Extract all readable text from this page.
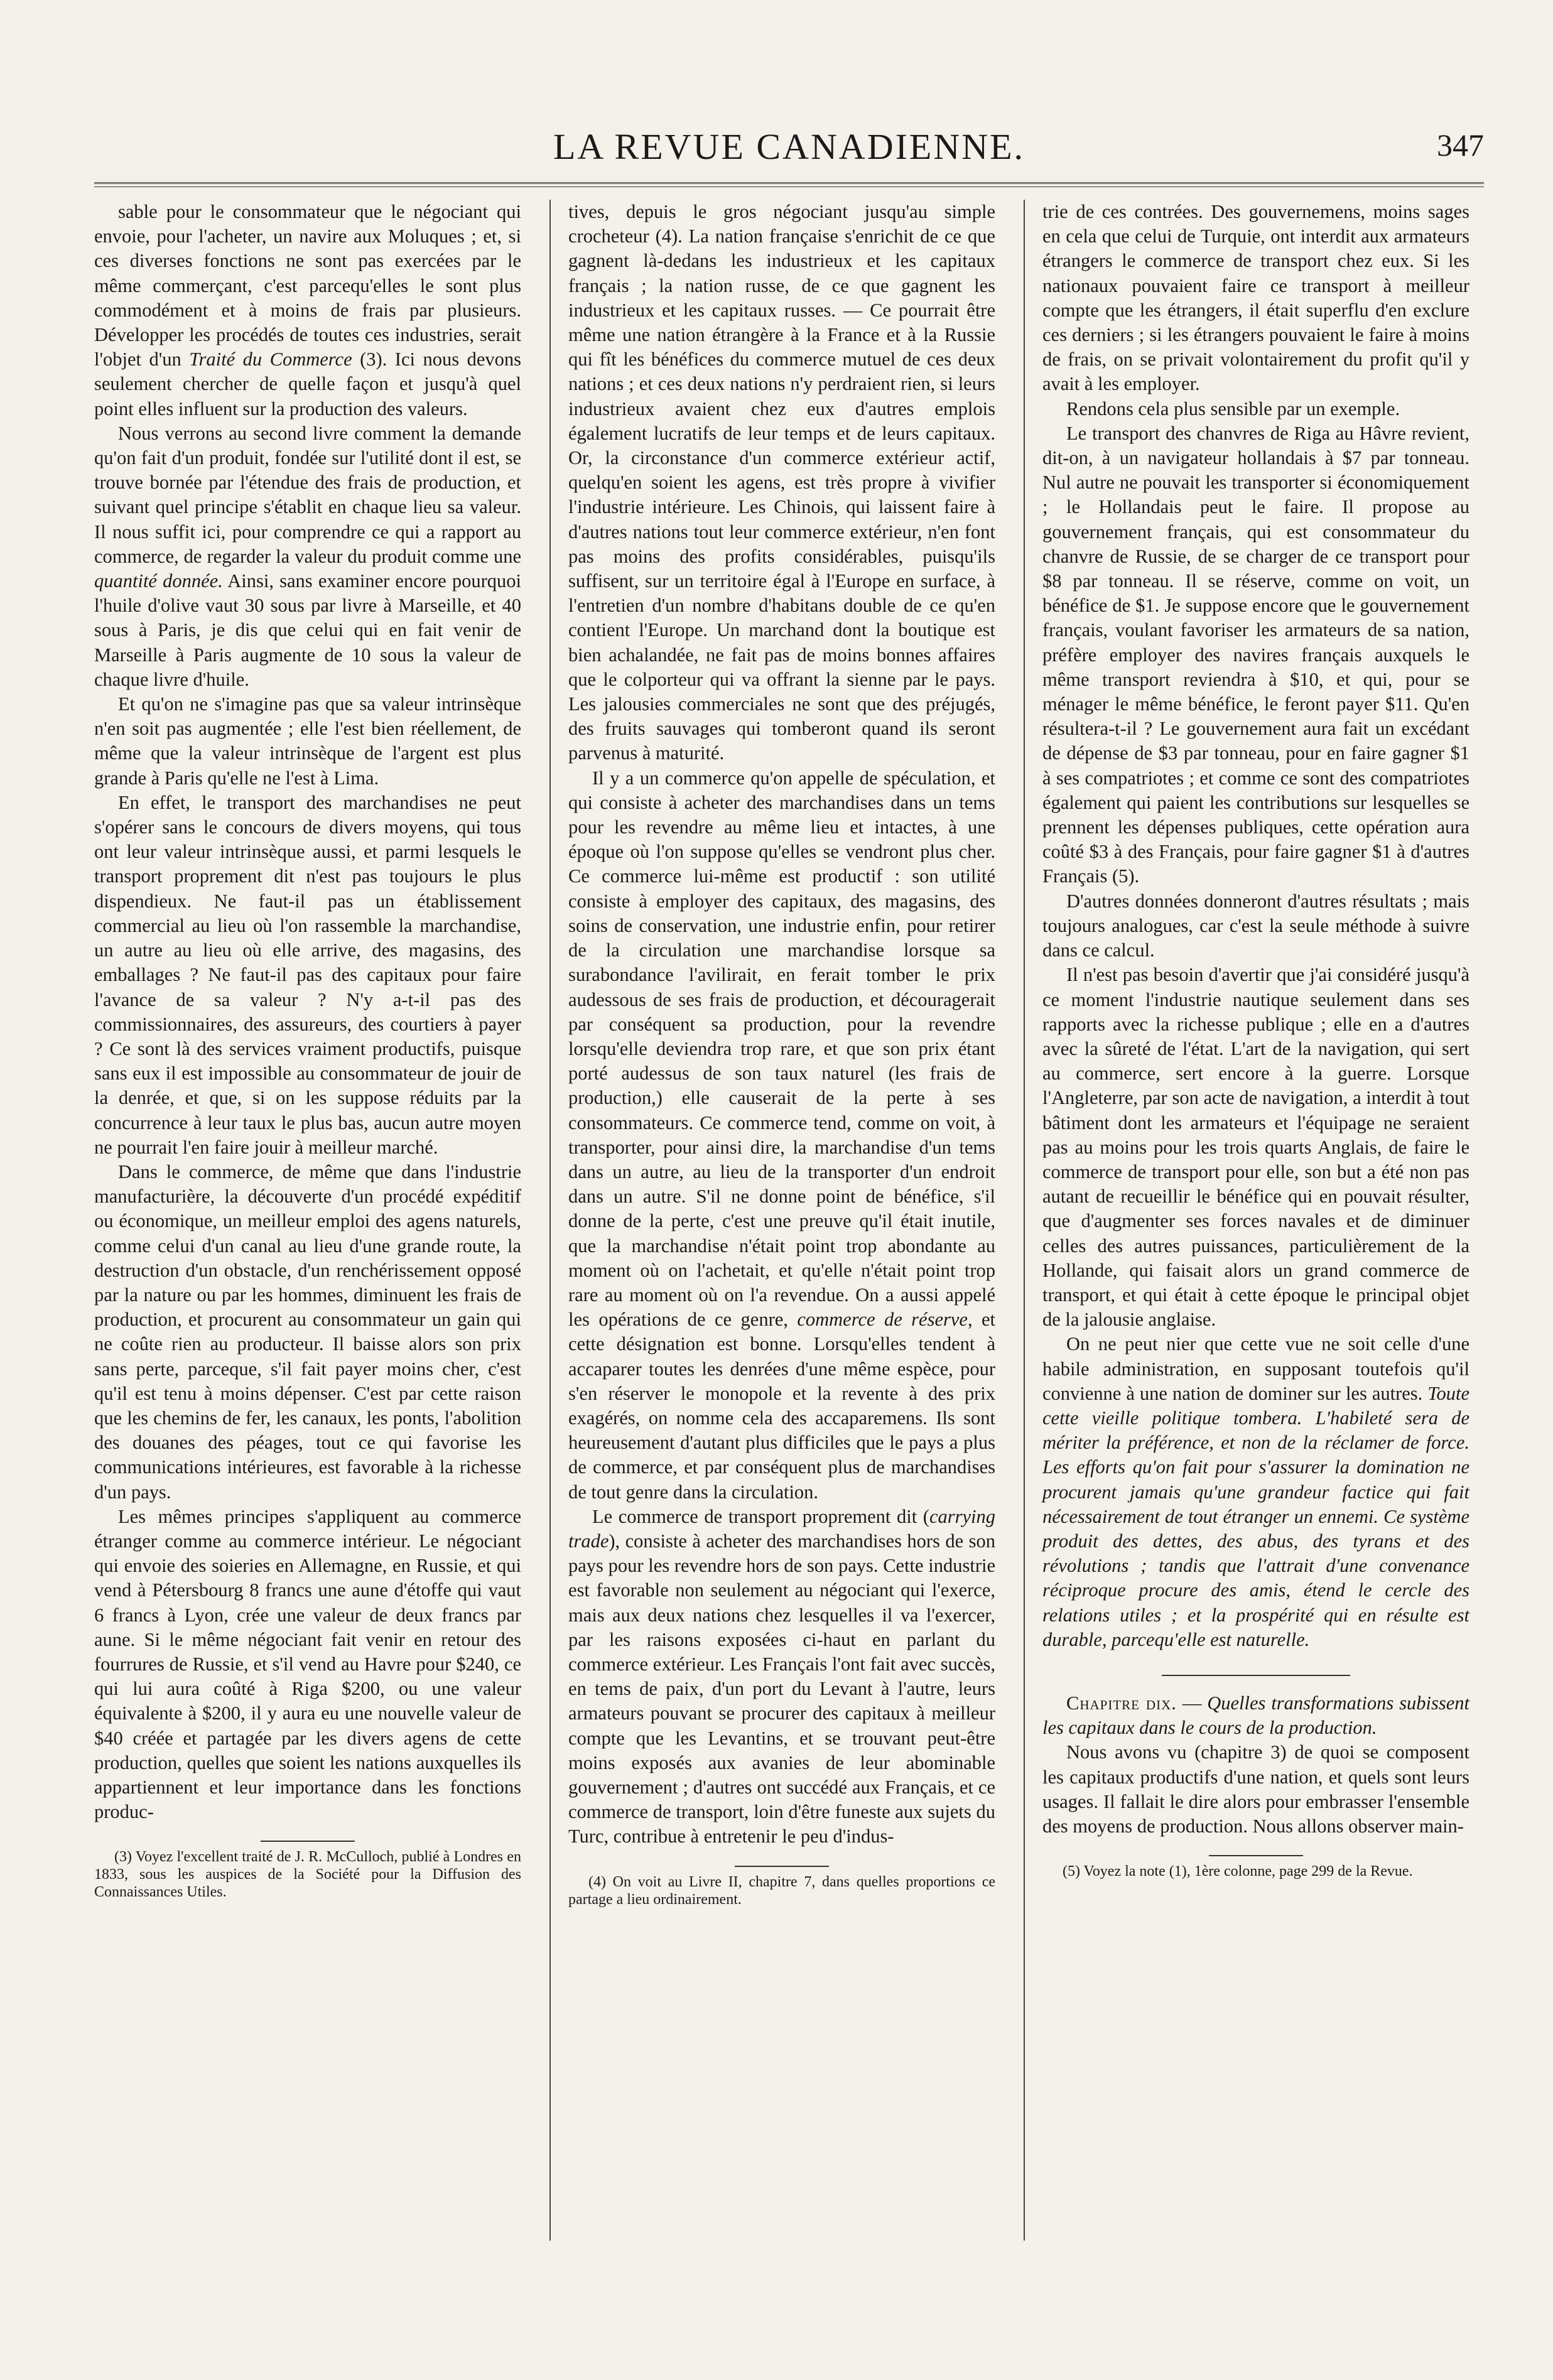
LA REVUE CANADIENNE.	347

sable pour le consommateur que le négociant qui envoie, pour l'acheter, un navire aux Moluques ; et, si ces diverses fonctions ne sont pas exercées par le même commerçant, c'est parcequ'elles le sont plus commodément et à moins de frais par plusieurs. Développer les procédés de toutes ces industries, serait l'objet d'un Traité du Commerce (3). Ici nous devons seulement chercher de quelle façon et jusqu'à quel point elles influent sur la production des valeurs.

Nous verrons au second livre comment la demande qu'on fait d'un produit, fondée sur l'utilité dont il est, se trouve bornée par l'étendue des frais de production, et suivant quel principe s'établit en chaque lieu sa valeur. Il nous suffit ici, pour comprendre ce qui a rapport au commerce, de regarder la valeur du produit comme une quantité donnée. Ainsi, sans examiner encore pourquoi l'huile d'olive vaut 30 sous par livre à Marseille, et 40 sous à Paris, je dis que celui qui en fait venir de Marseille à Paris augmente de 10 sous la valeur de chaque livre d'huile.

Et qu'on ne s'imagine pas que sa valeur intrinsèque n'en soit pas augmentée ; elle l'est bien réellement, de même que la valeur intrinsèque de l'argent est plus grande à Paris qu'elle ne l'est à Lima.

En effet, le transport des marchandises ne peut s'opérer sans le concours de divers moyens, qui tous ont leur valeur intrinsèque aussi, et parmi lesquels le transport proprement dit n'est pas toujours le plus dispendieux. Ne faut-il pas un établissement commercial au lieu où l'on rassemble la marchandise, un autre au lieu où elle arrive, des magasins, des emballages ? Ne faut-il pas des capitaux pour faire l'avance de sa valeur ? N'y a-t-il pas des commissionnaires, des assureurs, des courtiers à payer ? Ce sont là des services vraiment productifs, puisque sans eux il est impossible au consommateur de jouir de la denrée, et que, si on les suppose réduits par la concurrence à leur taux le plus bas, aucun autre moyen ne pourrait l'en faire jouir à meilleur marché.

Dans le commerce, de même que dans l'industrie manufacturière, la découverte d'un procédé expéditif ou économique, un meilleur emploi des agens naturels, comme celui d'un canal au lieu d'une grande route, la destruction d'un obstacle, d'un renchérissement opposé par la nature ou par les hommes, diminuent les frais de production, et procurent au consommateur un gain qui ne coûte rien au producteur. Il baisse alors son prix sans perte, parceque, s'il fait payer moins cher, c'est qu'il est tenu à moins dépenser. C'est par cette raison que les chemins de fer, les canaux, les ponts, l'abolition des douanes des péages, tout ce qui favorise les communications intérieures, est favorable à la richesse d'un pays.

Les mêmes principes s'appliquent au commerce étranger comme au commerce intérieur. Le négociant qui envoie des soieries en Allemagne, en Russie, et qui vend à Pétersbourg 8 francs une aune d'étoffe qui vaut 6 francs à Lyon, crée une valeur de deux francs par aune. Si le même négociant fait venir en retour des fourrures de Russie, et s'il vend au Havre pour $240, ce qui lui aura coûté à Riga $200, ou une valeur équivalente à $200, il y aura eu une nouvelle valeur de $40 créée et partagée par les divers agens de cette production, quelles que soient les nations auxquelles ils appartiennent et leur importance dans les fonctions produc-

(3) Voyez l'excellent traité de J. R. McCulloch, publié à Londres en 1833, sous les auspices de la Société pour la Diffusion des Connaissances Utiles.

tives, depuis le gros négociant jusqu'au simple crocheteur (4). La nation française s'enrichit de ce que gagnent là-dedans les industrieux et les capitaux français ; la nation russe, de ce que gagnent les industrieux et les capitaux russes. — Ce pourrait être même une nation étrangère à la France et à la Russie qui fît les bénéfices du commerce mutuel de ces deux nations ; et ces deux nations n'y perdraient rien, si leurs industrieux avaient chez eux d'autres emplois également lucratifs de leur temps et de leurs capitaux. Or, la circonstance d'un commerce extérieur actif, quelqu'en soient les agens, est très propre à vivifier l'industrie intérieure. Les Chinois, qui laissent faire à d'autres nations tout leur commerce extérieur, n'en font pas moins des profits considérables, puisqu'ils suffisent, sur un territoire égal à l'Europe en surface, à l'entretien d'un nombre d'habitans double de ce qu'en contient l'Europe. Un marchand dont la boutique est bien achalandée, ne fait pas de moins bonnes affaires que le colporteur qui va offrant la sienne par le pays. Les jalousies commerciales ne sont que des préjugés, des fruits sauvages qui tomberont quand ils seront parvenus à maturité.

Il y a un commerce qu'on appelle de spéculation, et qui consiste à acheter des marchandises dans un tems pour les revendre au même lieu et intactes, à une époque où l'on suppose qu'elles se vendront plus cher. Ce commerce lui-même est productif : son utilité consiste à employer des capitaux, des magasins, des soins de conservation, une industrie enfin, pour retirer de la circulation une marchandise lorsque sa surabondance l'avilirait, en ferait tomber le prix audessous de ses frais de production, et découragerait par conséquent sa production, pour la revendre lorsqu'elle deviendra trop rare, et que son prix étant porté audessus de son taux naturel (les frais de production,) elle causerait de la perte à ses consommateurs. Ce commerce tend, comme on voit, à transporter, pour ainsi dire, la marchandise d'un tems dans un autre, au lieu de la transporter d'un endroit dans un autre. S'il ne donne point de bénéfice, s'il donne de la perte, c'est une preuve qu'il était inutile, que la marchandise n'était point trop abondante au moment où on l'achetait, et qu'elle n'était point trop rare au moment où on l'a revendue. On a aussi appelé les opérations de ce genre, commerce de réserve, et cette désignation est bonne. Lorsqu'elles tendent à accaparer toutes les denrées d'une même espèce, pour s'en réserver le monopole et la revente à des prix exagérés, on nomme cela des accaparemens. Ils sont heureusement d'autant plus difficiles que le pays a plus de commerce, et par conséquent plus de marchandises de tout genre dans la circulation.

Le commerce de transport proprement dit (carrying trade), consiste à acheter des marchandises hors de son pays pour les revendre hors de son pays. Cette industrie est favorable non seulement au négociant qui l'exerce, mais aux deux nations chez lesquelles il va l'exercer, par les raisons exposées ci-haut en parlant du commerce extérieur. Les Français l'ont fait avec succès, en tems de paix, d'un port du Levant à l'autre, leurs armateurs pouvant se procurer des capitaux à meilleur compte que les Levantins, et se trouvant peut-être moins exposés aux avanies de leur abominable gouvernement ; d'autres ont succédé aux Français, et ce commerce de transport, loin d'être funeste aux sujets du Turc, contribue à entretenir le peu d'indus-

(4) On voit au Livre II, chapitre 7, dans quelles proportions ce partage a lieu ordinairement.

trie de ces contrées. Des gouvernemens, moins sages en cela que celui de Turquie, ont interdit aux armateurs étrangers le commerce de transport chez eux. Si les nationaux pouvaient faire ce transport à meilleur compte que les étrangers, il était superflu d'en exclure ces derniers ; si les étrangers pouvaient le faire à moins de frais, on se privait volontairement du profit qu'il y avait à les employer.

Rendons cela plus sensible par un exemple.

Le transport des chanvres de Riga au Hâvre revient, dit-on, à un navigateur hollandais à $7 par tonneau. Nul autre ne pouvait les transporter si économiquement ; le Hollandais peut le faire. Il propose au gouvernement français, qui est consommateur du chanvre de Russie, de se charger de ce transport pour $8 par tonneau. Il se réserve, comme on voit, un bénéfice de $1. Je suppose encore que le gouvernement français, voulant favoriser les armateurs de sa nation, préfère employer des navires français auxquels le même transport reviendra à $10, et qui, pour se ménager le même bénéfice, le feront payer $11. Qu'en résultera-t-il ? Le gouvernement aura fait un excédant de dépense de $3 par tonneau, pour en faire gagner $1 à ses compatriotes ; et comme ce sont des compatriotes également qui paient les contributions sur lesquelles se prennent les dépenses publiques, cette opération aura coûté $3 à des Français, pour faire gagner $1 à d'autres Français (5).

D'autres données donneront d'autres résultats ; mais toujours analogues, car c'est la seule méthode à suivre dans ce calcul.

Il n'est pas besoin d'avertir que j'ai considéré jusqu'à ce moment l'industrie nautique seulement dans ses rapports avec la richesse publique ; elle en a d'autres avec la sûreté de l'état. L'art de la navigation, qui sert au commerce, sert encore à la guerre. Lorsque l'Angleterre, par son acte de navigation, a interdit à tout bâtiment dont les armateurs et l'équipage ne seraient pas au moins pour les trois quarts Anglais, de faire le commerce de transport pour elle, son but a été non pas autant de recueillir le bénéfice qui en pouvait résulter, que d'augmenter ses forces navales et de diminuer celles des autres puissances, particulièrement de la Hollande, qui faisait alors un grand commerce de transport, et qui était à cette époque le principal objet de la jalousie anglaise.

On ne peut nier que cette vue ne soit celle d'une habile administration, en supposant toutefois qu'il convienne à une nation de dominer sur les autres. Toute cette vieille politique tombera. L'habileté sera de mériter la préférence, et non de la réclamer de force. Les efforts qu'on fait pour s'assurer la domination ne procurent jamais qu'une grandeur factice qui fait nécessairement de tout étranger un ennemi. Ce système produit des dettes, des abus, des tyrans et des révolutions ; tandis que l'attrait d'une convenance réciproque procure des amis, étend le cercle des relations utiles ; et la prospérité qui en résulte est durable, parcequ'elle est naturelle.

Chapitre dix. — Quelles transformations subissent les capitaux dans le cours de la production.

Nous avons vu (chapitre 3) de quoi se composent les capitaux productifs d'une nation, et quels sont leurs usages. Il fallait le dire alors pour embrasser l'ensemble des moyens de production. Nous allons observer main-

(5) Voyez la note (1), 1ère colonne, page 299 de la Revue.
